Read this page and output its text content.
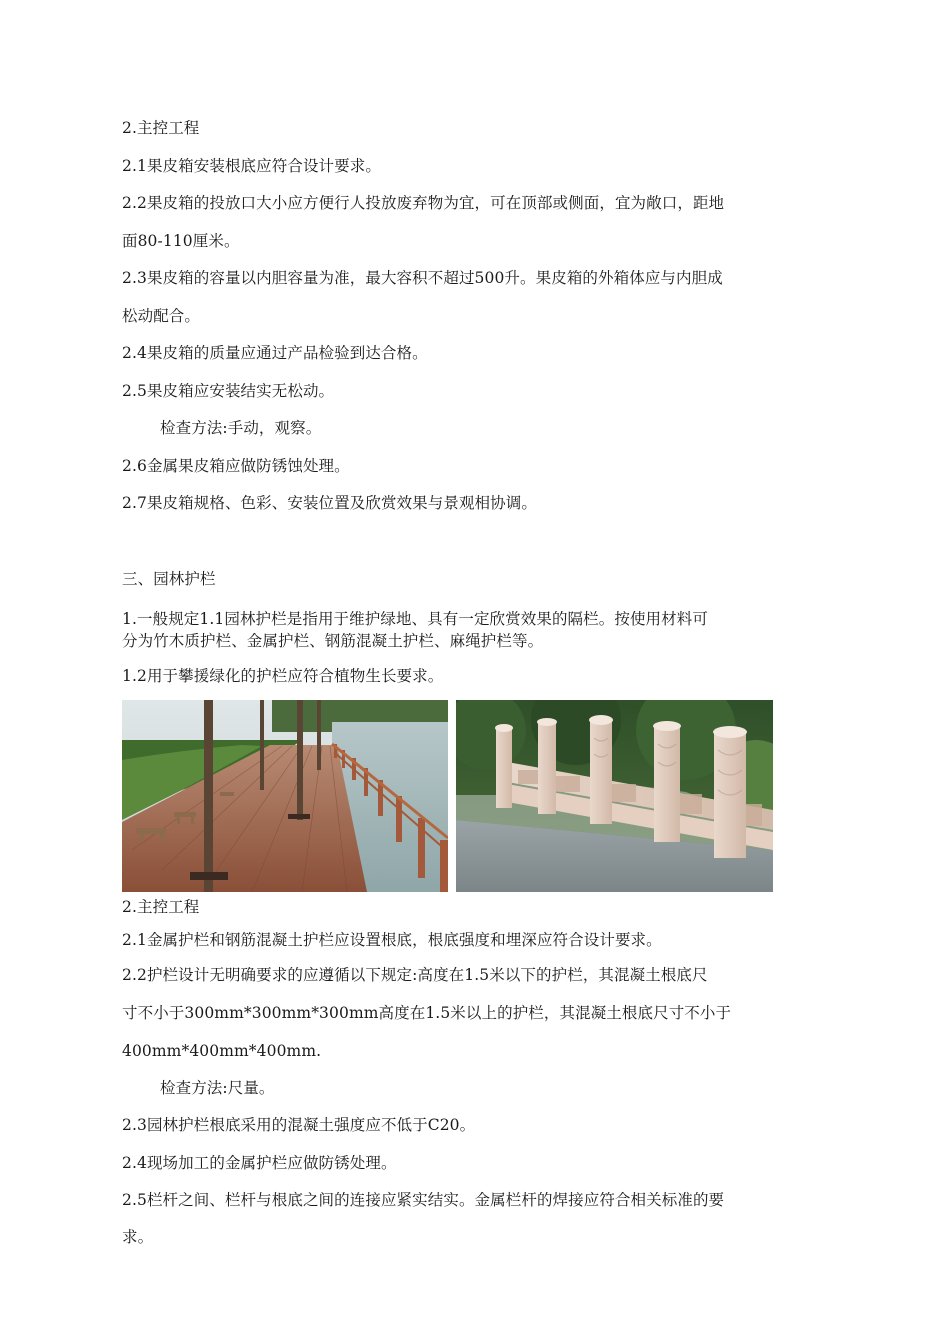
2.主控工程

2.1果皮箱安装根底应符合设计要求。

2.2果皮箱的投放口大小应方便行人投放废弃物为宜，可在顶部或侧面，宜为敞口，距地

面80-110厘米。

2.3果皮箱的容量以内胆容量为准，最大容积不超过500升。果皮箱的外箱体应与内胆成

松动配合。

2.4果皮箱的质量应通过产品检验到达合格。

2.5果皮箱应安装结实无松动。

检查方法:手动，观察。

2.6金属果皮箱应做防锈蚀处理。

2.7果皮箱规格、色彩、安装位置及欣赏效果与景观相协调。

三、园林护栏

1.一般规定1.1园林护栏是指用于维护绿地、具有一定欣赏效果的隔栏。按使用材料可

分为竹木质护栏、金属护栏、钢筋混凝土护栏、麻绳护栏等。

1.2用于攀援绿化的护栏应符合植物生长要求。

2.主控工程

2.1金属护栏和钢筋混凝土护栏应设置根底，根底强度和埋深应符合设计要求。

2.2护栏设计无明确要求的应遵循以下规定:高度在1.5米以下的护栏，其混凝土根底尺

寸不小于300mm*300mm*300mm高度在1.5米以上的护栏，其混凝土根底尺寸不小于

400mm*400mm*400mm.

检查方法:尺量。

2.3园林护栏根底采用的混凝土强度应不低于C20。

2.4现场加工的金属护栏应做防锈处理。

2.5栏杆之间、栏杆与根底之间的连接应紧实结实。金属栏杆的焊接应符合相关标准的要

求。
